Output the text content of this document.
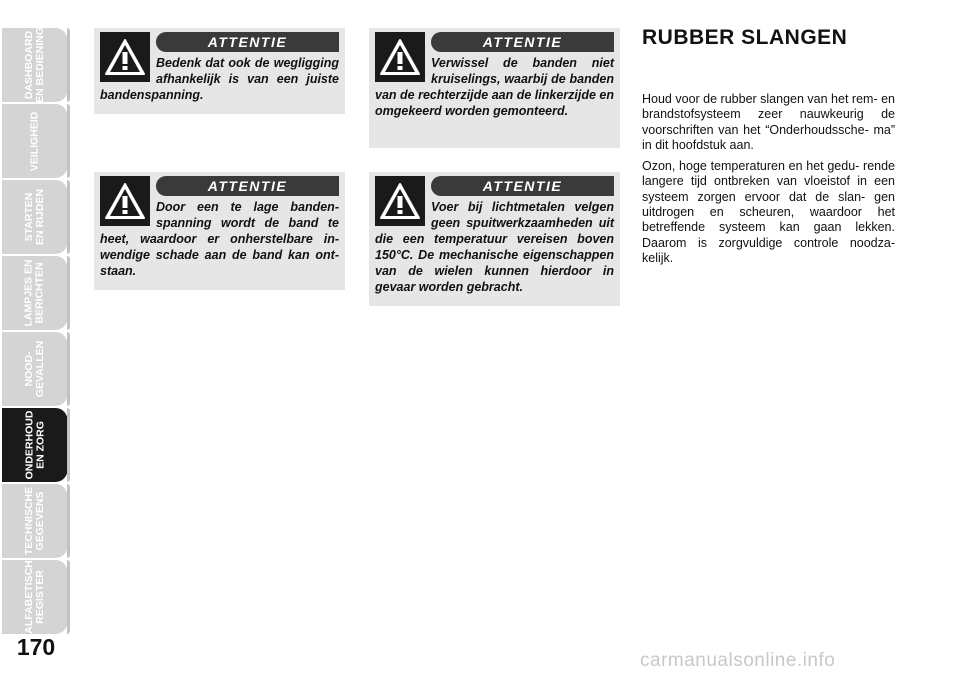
DASHBOARD
EN BEDIENING
VEILIGHEID
STARTEN
EN RIJDEN
LAMPJES EN
BERICHTEN
NOOD-
GEVALLEN
ONDERHOUD
EN ZORG
TECHNISCHE
GEGEVENS
ALFABETISCH
REGISTER
170
ATTENTIE
Bedenk dat ook de wegligging afhankelijk is van een juiste bandenspanning.
ATTENTIE
Door een te lage bandenspanning wordt de band te heet, waardoor er onherstelbare inwendige schade aan de band kan ontstaan.
ATTENTIE
Verwissel de banden niet kruiselings, waarbij de banden van de rechterzijde aan de linkerzijde en omgekeerd worden gemonteerd.
ATTENTIE
Voer bij lichtmetalen velgen geen spuitwerkzaamheden uit die een temperatuur vereisen boven 150°C. De mechanische eigenschappen van de wielen kunnen hierdoor in gevaar worden gebracht.
RUBBER SLANGEN

Houd voor de rubber slangen van het rem- en brandstofsysteem zeer nauwkeurig de voorschriften van het “Onderhoudssche- ma” in dit hoofdstuk aan.

Ozon, hoge temperaturen en het gedu- rende langere tijd ontbreken van vloeistof in een systeem zorgen ervoor dat de slan- gen uitdrogen en scheuren, waardoor het betreffende systeem kan gaan lekken. Daarom is zorgvuldige controle noodza- kelijk.

carmanualsonline.info
